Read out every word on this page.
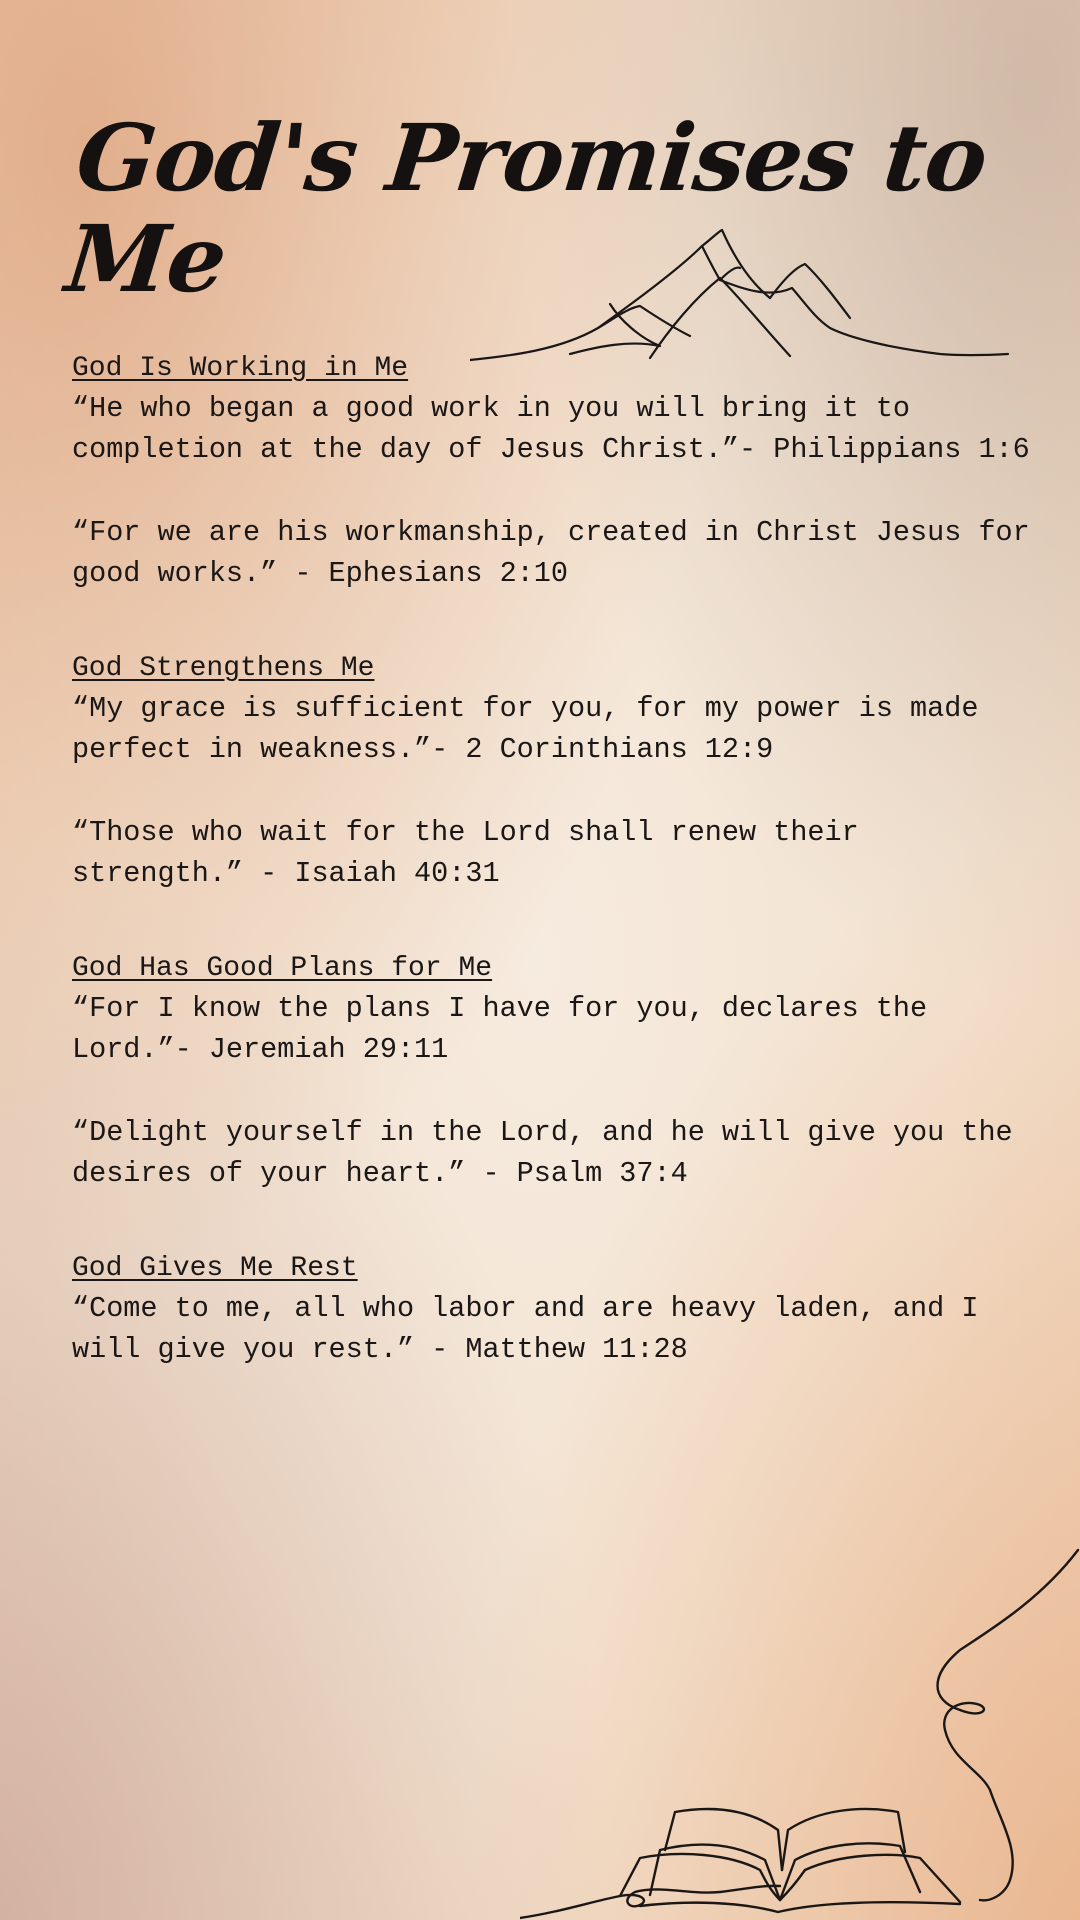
God's Promises to Me

God Is Working in Me

“He who began a good work in you will bring it to completion at the day of Jesus Christ.”- Philippians 1:6

“For we are his workmanship, created in Christ Jesus for good works.” - Ephesians 2:10

God Strengthens Me

“My grace is sufficient for you, for my power is made perfect in weakness.”- 2 Corinthians 12:9

“Those who wait for the Lord shall renew their strength.” - Isaiah 40:31

God Has Good Plans for Me

“For I know the plans I have for you, declares the Lord.”- Jeremiah 29:11

“Delight yourself in the Lord, and he will give you the desires of your heart.” - Psalm 37:4

God Gives Me Rest

“Come to me, all who labor and are heavy laden, and I will give you rest.” - Matthew 11:28
